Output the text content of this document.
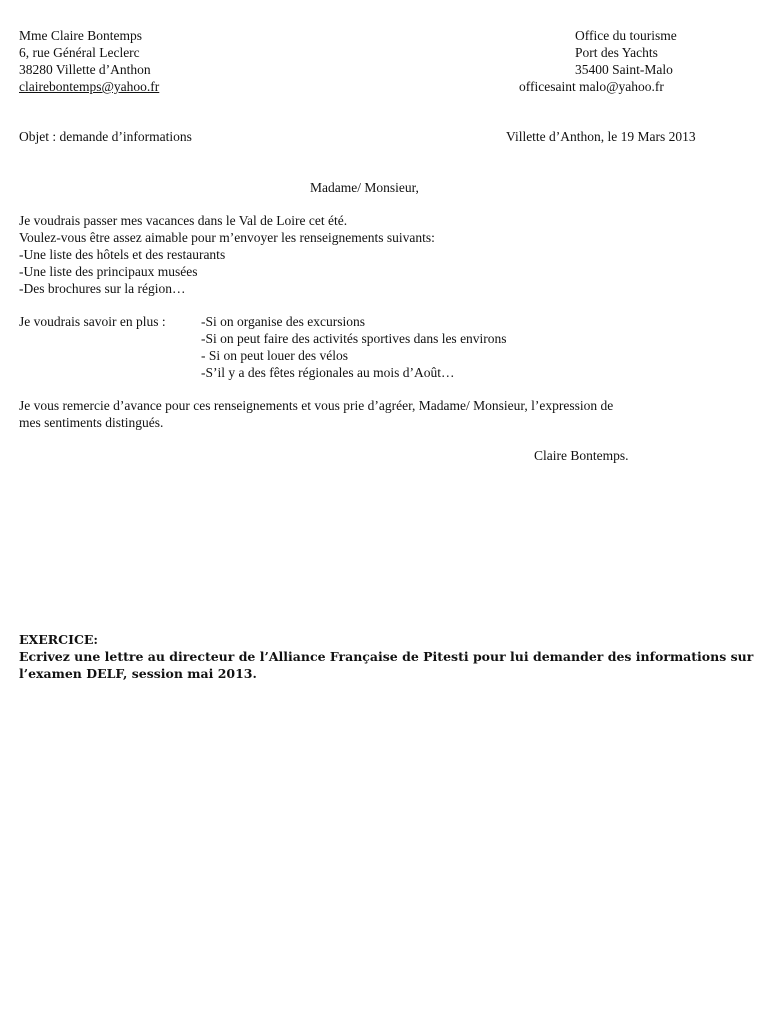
Mme Claire Bontemps
6, rue Général Leclerc
38280 Villette d’Anthon
clairebontemps@yahoo.fr
Office du tourisme
Port des Yachts
35400 Saint-Malo
officesaint malo@yahoo.fr
Objet : demande d’informations	Villette d’Anthon, le 19 Mars 2013
Madame/ Monsieur,
Je voudrais passer mes vacances dans le Val de Loire cet été.
Voulez-vous être assez aimable pour m’envoyer les renseignements suivants:
-Une liste des hôtels et des restaurants
-Une liste des principaux musées
-Des brochures sur la région…
Je voudrais savoir en plus :	-Si on organise des excursions
-Si on peut faire des activités sportives dans les environs
- Si on peut louer des vélos
-S’il y a des fêtes régionales au mois d’Août…
Je vous remercie d’avance pour ces renseignements et vous prie d’agréer, Madame/ Monsieur, l’expression de
mes sentiments distingués.
Claire Bontemps.
EXERCICE:
Ecrivez une lettre au directeur de l’Alliance Française de Pitesti pour lui demander des informations sur
l’examen DELF, session mai 2013.
